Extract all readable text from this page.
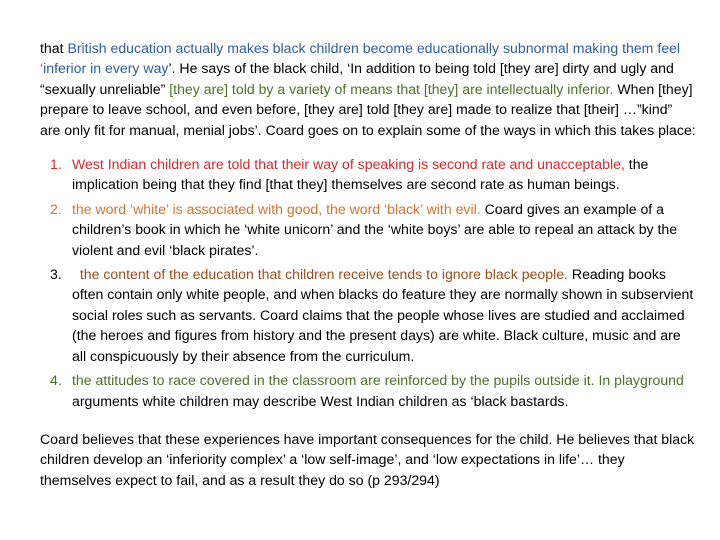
that British education actually makes black children become educationally subnormal making them feel ‘inferior in every way’. He says of the black child, ‘In addition to being told [they are] dirty and ugly and “sexually unreliable” [they are] told by a variety of means that [they] are intellectually inferior. When [they] prepare to leave school, and even before, [they are] told [they are] made to realize that [their] …”kind” are only fit for manual, menial jobs’. Coard goes on to explain some of the ways in which this takes place:

1. West Indian children are told that their way of speaking is second rate and unacceptable, the implication being that they find [that they] themselves are second rate as human beings.
2. the word ‘white’ is associated with good, the word ‘black’ with evil. Coard gives an example of a children’s book in which he ‘white unicorn’ and the ‘white boys’ are able to repeal an attack by the violent and evil ‘black pirates’.
3. the content of the education that children receive tends to ignore black people. Reading books often contain only white people, and when blacks do feature they are normally shown in subservient social roles such as servants. Coard claims that the people whose lives are studied and acclaimed (the heroes and figures from history and the present days) are white. Black culture, music and are all conspicuously by their absence from the curriculum.
4. the attitudes to race covered in the classroom are reinforced by the pupils outside it. In playground arguments white children may describe West Indian children as ‘black bastards.

Coard believes that these experiences have important consequences for the child. He believes that black children develop an ‘inferiority complex’ a ‘low self-image’, and ‘low expectations in life’… they themselves expect to fail, and as a result they do so (p 293/294)
